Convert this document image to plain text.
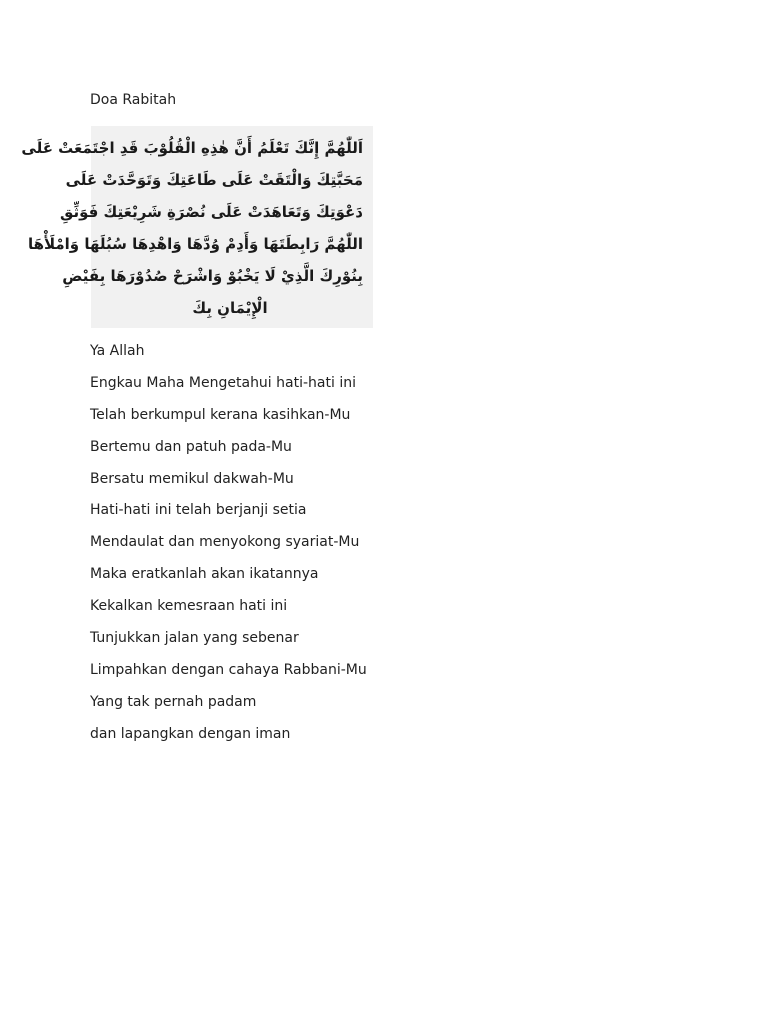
Doa Rabitah
اَللّٰهُمَّ إِنَّكَ تَعْلَمُ أَنَّ هٰذِهِ الْقُلُوْبَ قَدِ اجْتَمَعَتْ عَلَى
مَحَبَّتِكَ وَالْتَقَتْ عَلَى طَاعَتِكَ وَتَوَحَّدَتْ عَلَى
دَعْوَتِكَ وَتَعَاهَدَتْ عَلَى نُصْرَةِ شَرِيْعَتِكَ فَوَثِّقِ
اللّٰهُمَّ رَابِطَتَهَا وَأَدِمْ وُدَّهَا وَاهْدِهَا سُبُلَهَا وَامْلَأْهَا
بِنُوْرِكَ الَّذِيْ لَا يَخْبُوْ وَاشْرَحْ صُدُوْرَهَا بِفَيْضِ
الْإِيْمَانِ بِكَ
Ya Allah
Engkau Maha Mengetahui hati-hati ini
Telah berkumpul kerana kasihkan-Mu
Bertemu dan patuh pada-Mu
Bersatu memikul dakwah-Mu
Hati-hati ini telah berjanji setia
Mendaulat dan menyokong syariat-Mu
Maka eratkanlah akan ikatannya
Kekalkan kemesraan hati ini
Tunjukkan jalan yang sebenar
Limpahkan dengan cahaya Rabbani-Mu
Yang tak pernah padam
dan lapangkan dengan iman
